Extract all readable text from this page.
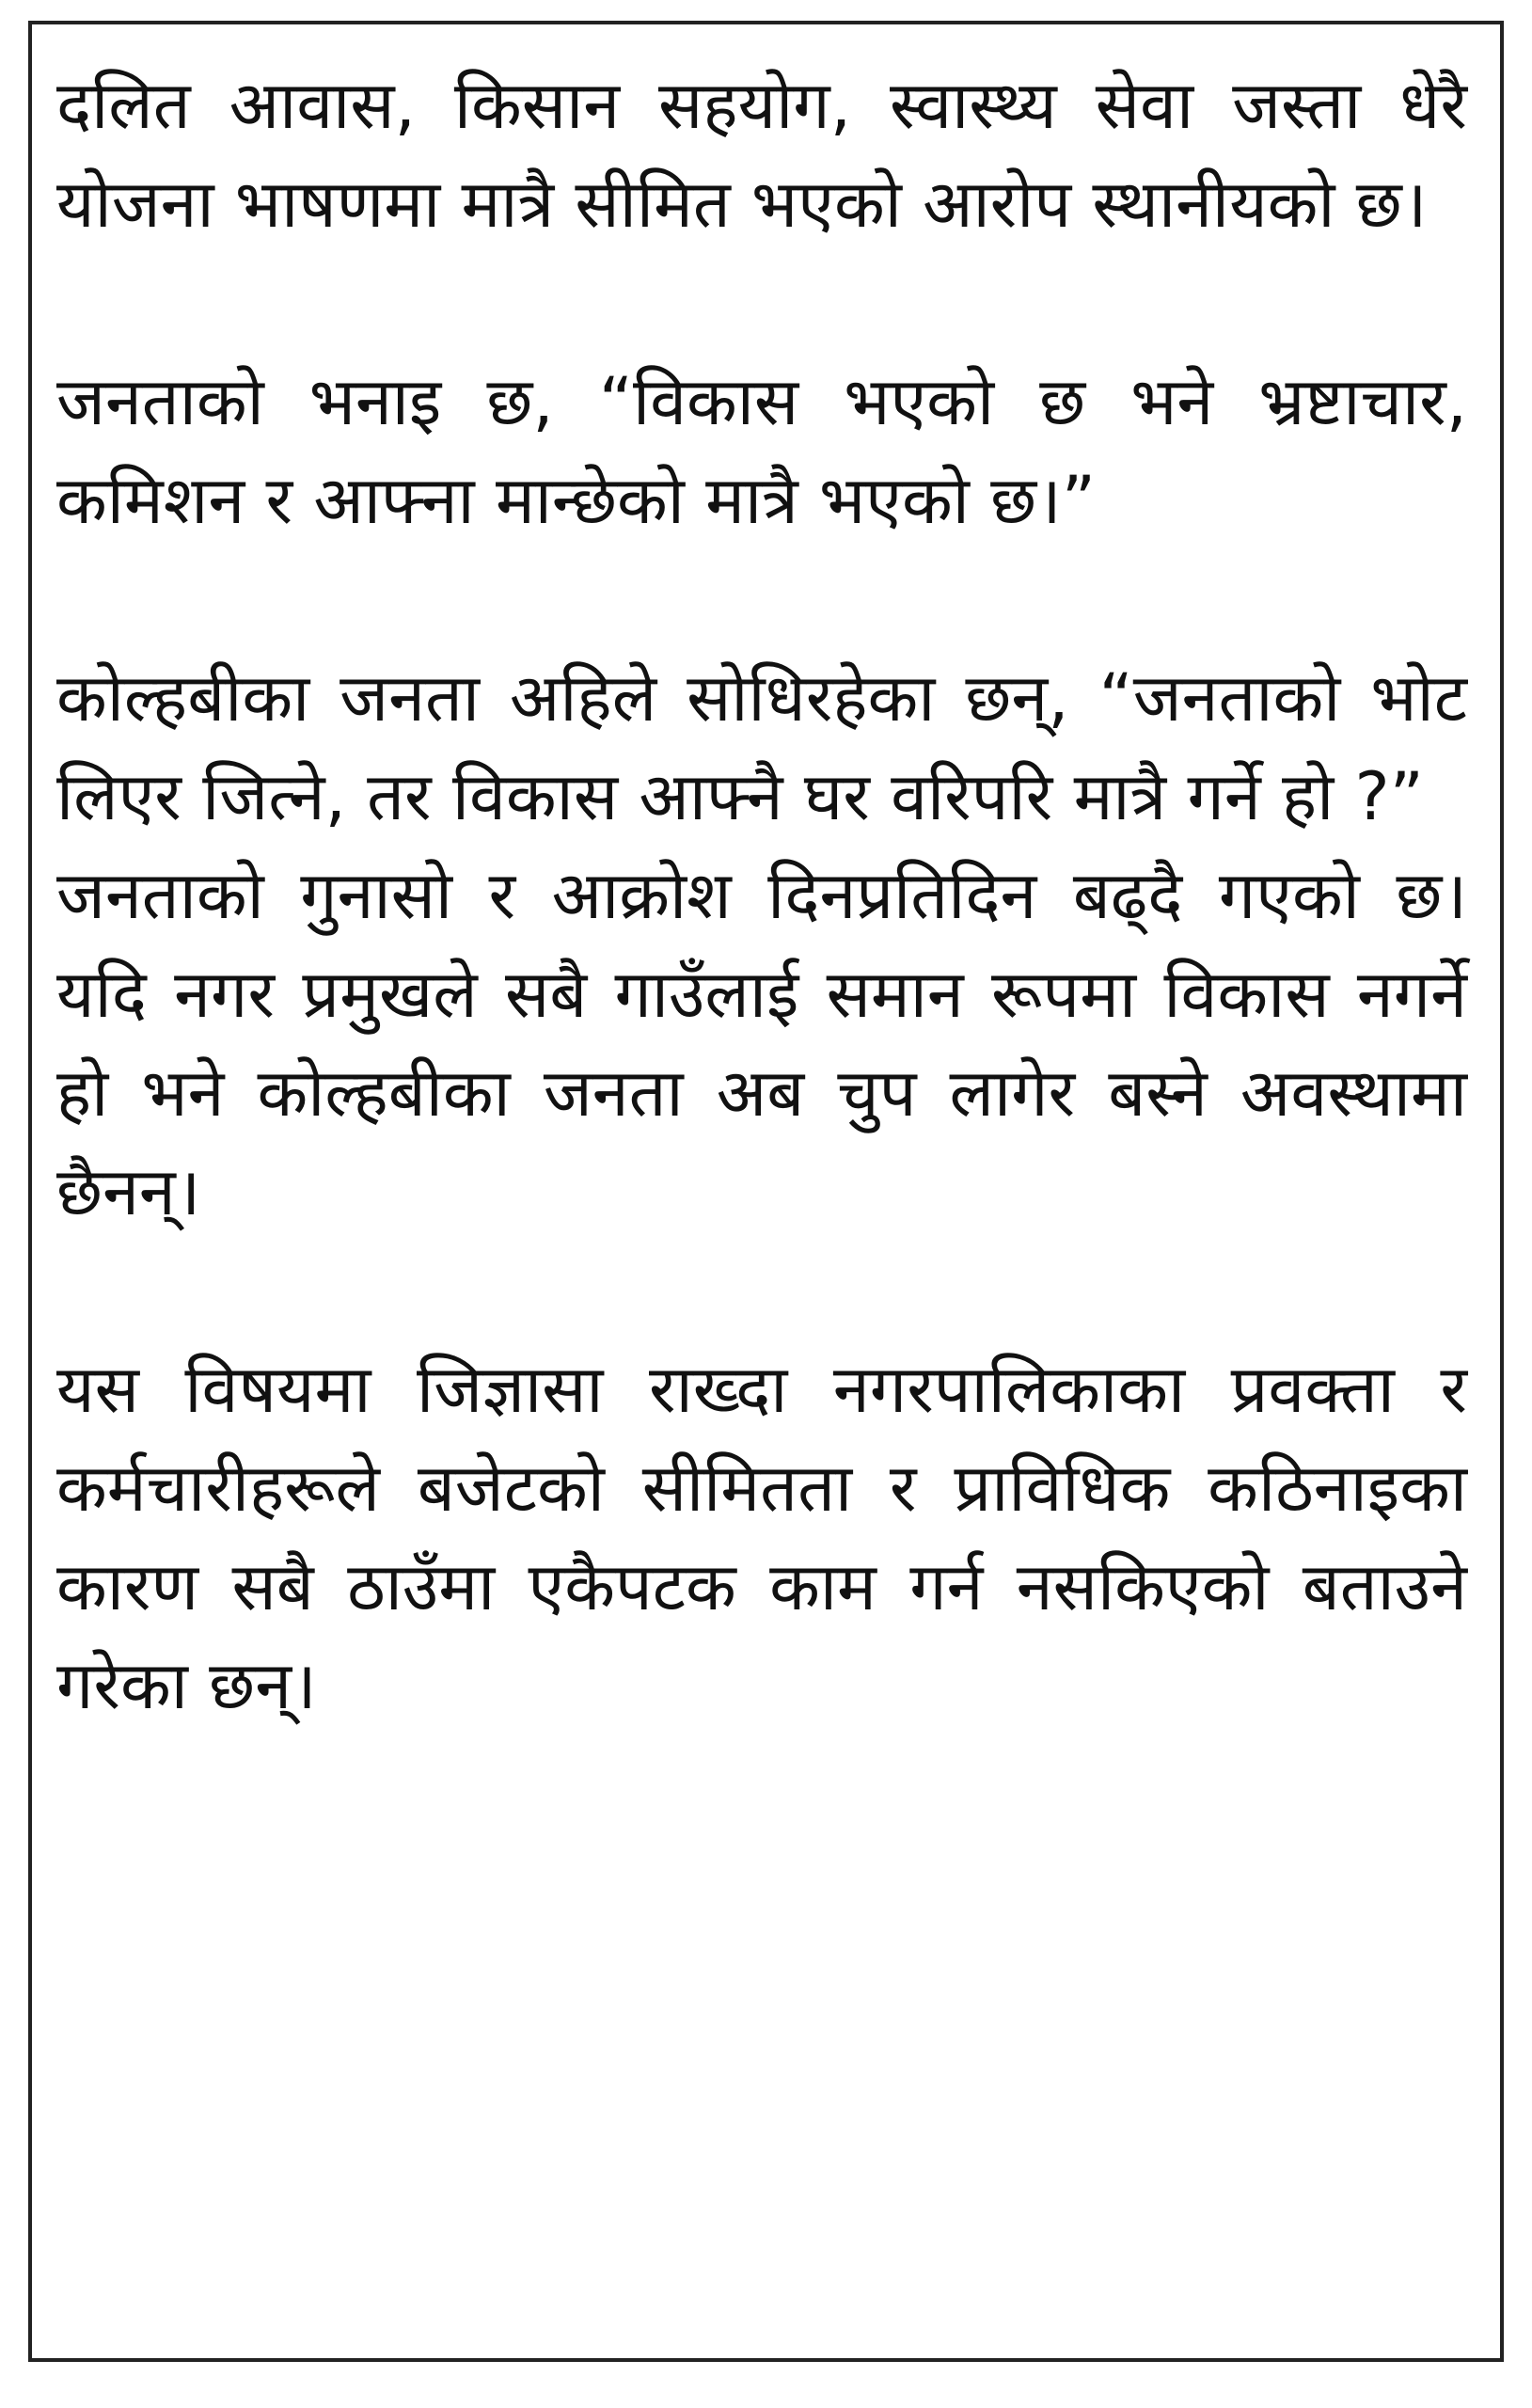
दलित आवास, किसान सहयोग, स्वास्थ्य सेवा जस्ता धेरै योजना भाषणमा मात्रै सीमित भएको आरोप स्थानीयको छ।

जनताको भनाइ छ, “विकास भएको छ भने भ्रष्टाचार, कमिशन र आफ्ना मान्छेको मात्रै भएको छ।”

कोल्हबीका जनता अहिले सोधिरहेका छन्, “जनताको भोट लिएर जित्ने, तर विकास आफ्नै घर वरिपरि मात्रै गर्ने हो ?”

जनताको गुनासो र आक्रोश दिनप्रतिदिन बढ्दै गएको छ। यदि नगर प्रमुखले सबै गाउँलाई समान रूपमा विकास नगर्ने हो भने कोल्हबीका जनता अब चुप लागेर बस्ने अवस्थामा छैनन्।

यस विषयमा जिज्ञासा राख्दा नगरपालिकाका प्रवक्ता र कर्मचारीहरूले बजेटको सीमितता र प्राविधिक कठिनाइका कारण सबै ठाउँमा एकैपटक काम गर्न नसकिएको बताउने गरेका छन्।
